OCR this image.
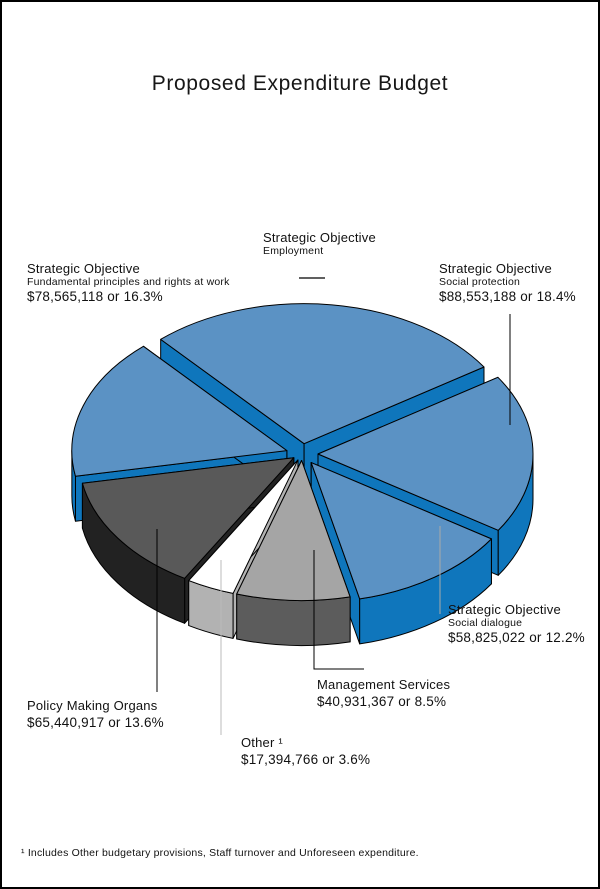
Proposed Expenditure Budget
Strategic Objective
Employment
Strategic Objective
Fundamental principles and rights at work
$78,565,118 or 16.3%
Strategic Objective
Social protection
$88,553,188 or 18.4%
Strategic Objective
Social dialogue
$58,825,022 or 12.2%
Management Services
$40,931,367 or 8.5%
Policy Making Organs
$65,440,917 or 13.6%
Other ¹
$17,394,766 or 3.6%
¹ Includes Other budgetary provisions, Staff turnover and Unforeseen expenditure.
